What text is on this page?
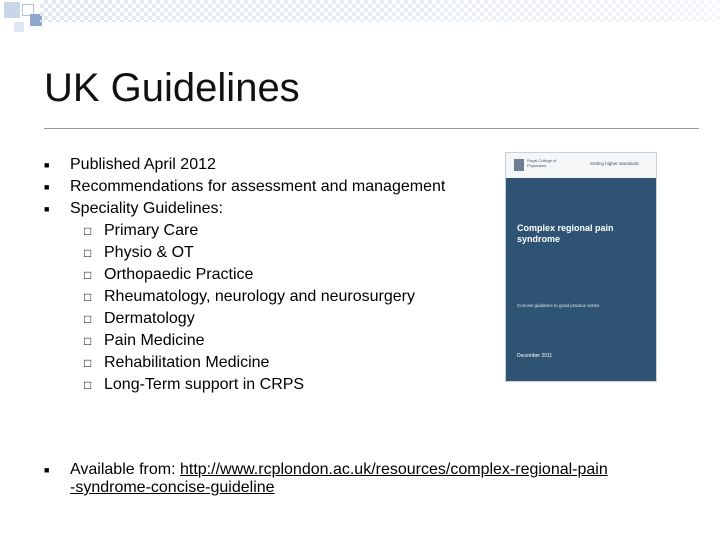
UK Guidelines
■	Published April 2012
■	Recommendations for assessment and management
■	Speciality Guidelines:
□ Primary Care
□ Physio & OT
□ Orthopaedic Practice
□ Rheumatology, neurology and neurosurgery
□ Dermatology
□ Pain Medicine
□ Rehabilitation Medicine
□ Long-Term support in CRPS
Royal College of Physicians	Setting higher standards
Complex regional pain syndrome
Concise guidance to good practice series
December 2011
■	Available from: http://www.rcplondon.ac.uk/resources/complex-regional-pain
-syndrome-concise-guideline
